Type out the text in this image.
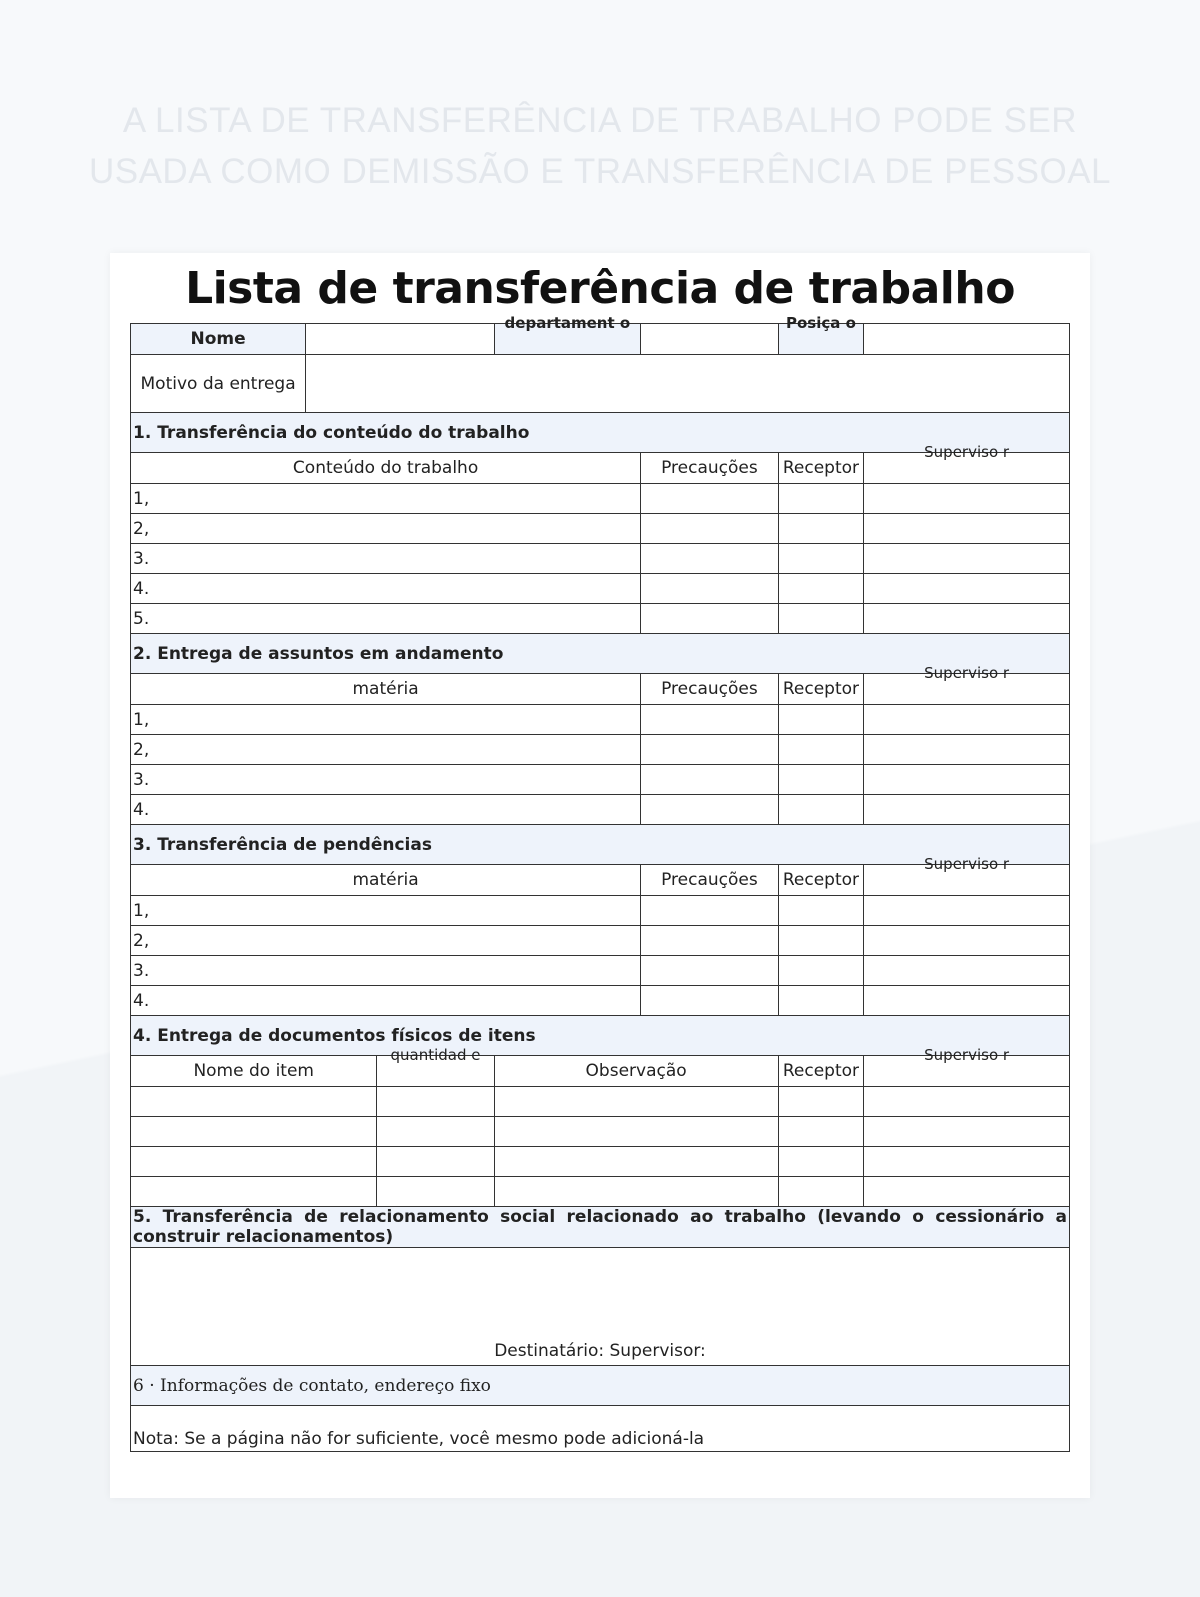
A LISTA DE TRANSFERÊNCIA DE TRABALHO PODE SER
USADA COMO DEMISSÃO E TRANSFERÊNCIA DE PESSOAL
Lista de transferência de trabalho
Nome			departament o		Posiça o	

Motivo da entrega						
1. Transferência do conteúdo do trabalho						
Conteúdo do trabalho				Precauções	Receptor	Superviso r

1,						
2,						
3.						
4.						
5.						
2. Entrega de assuntos em andamento						
matéria				Precauções	Receptor	Superviso r

1,						
2,						
3.						
4.						
3. Transferência de pendências						
matéria				Precauções	Receptor	Superviso r

1,						
2,						
3.						
4.						
4. Entrega de documentos físicos de itens						
Nome do item		quantidad e	Observação		Receptor	Superviso r

5. Transferência de relacionamento social relacionado ao trabalho (levando o cessionário a construir relacionamentos)						
Destinatário: Supervisor:						
6 · Informações de contato, endereço fixo						

Nota: Se a página não for suficiente, você mesmo pode adicioná-la
